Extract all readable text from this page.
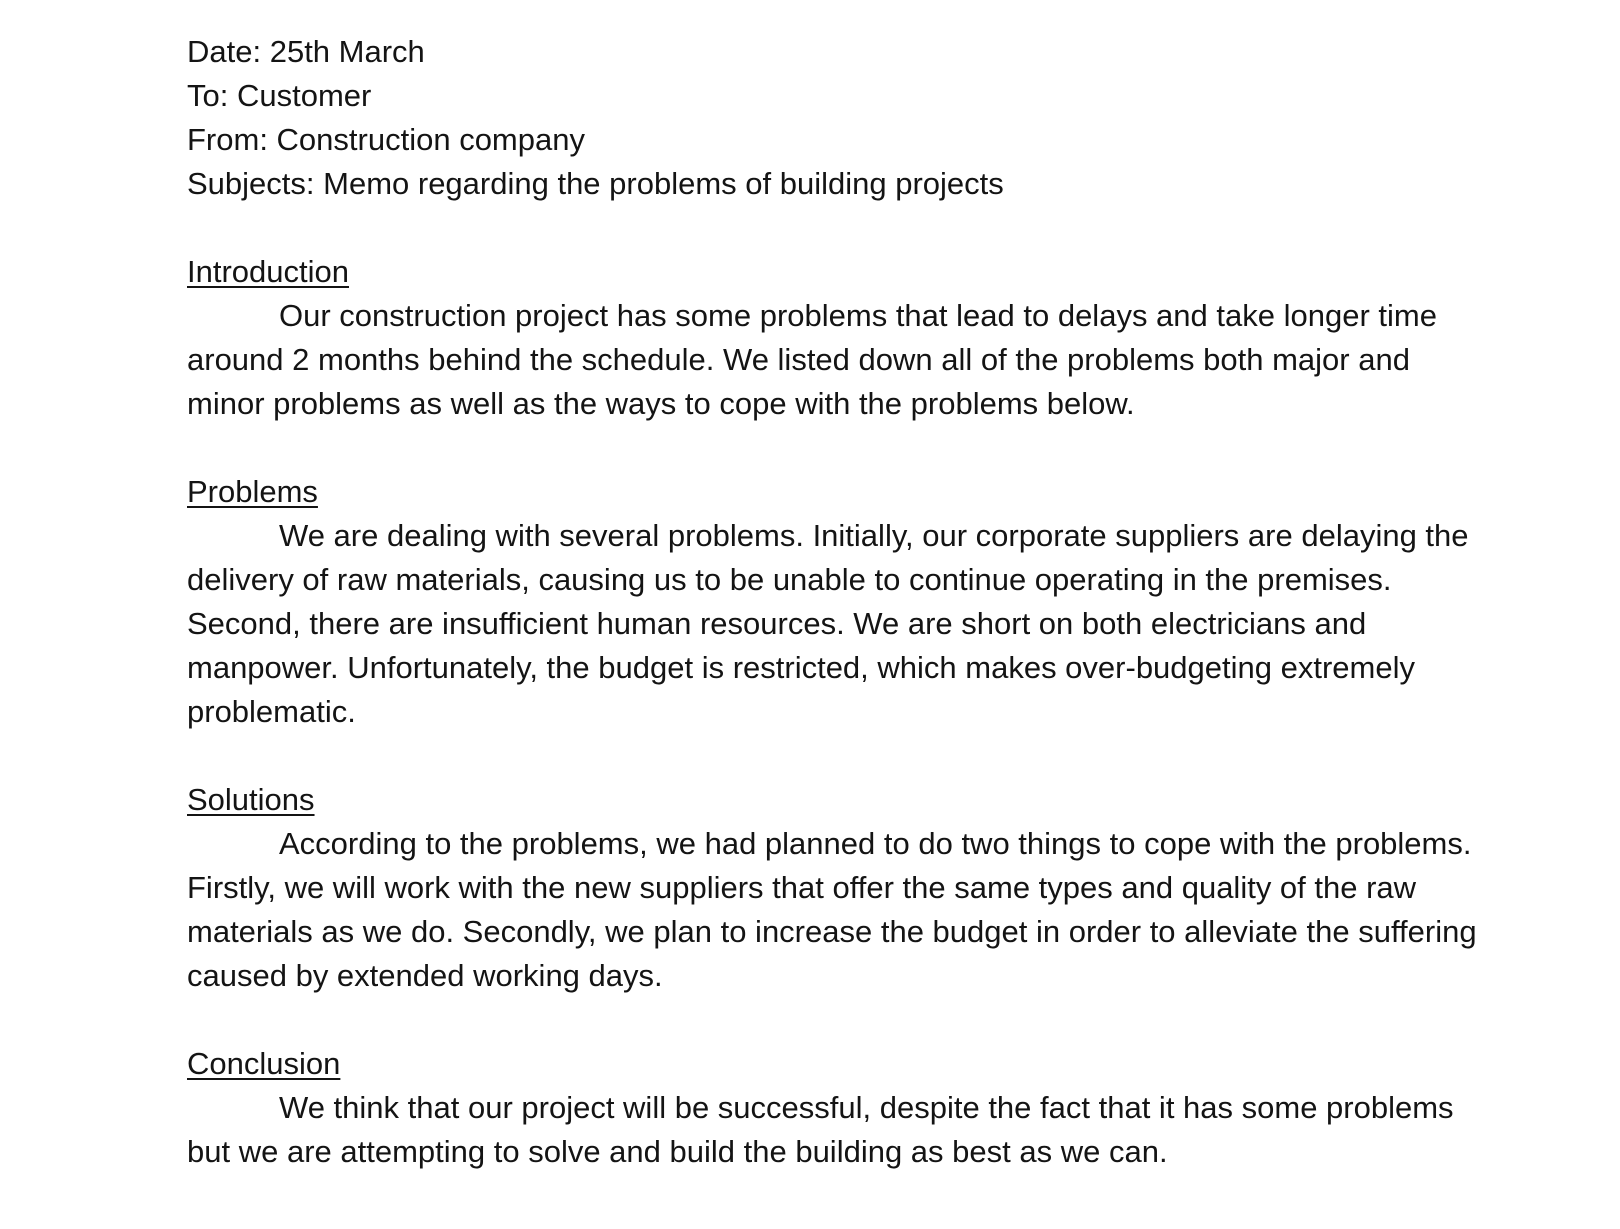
Date: 25th March

To: Customer

From: Construction company

Subjects: Memo regarding the problems of building projects

Introduction

Our construction project has some problems that lead to delays and take longer time around 2 months behind the schedule. We listed down all of the problems both major and minor problems as well as the ways to cope with the problems below.

Problems

We are dealing with several problems. Initially, our corporate suppliers are delaying the delivery of raw materials, causing us to be unable to continue operating in the premises. Second, there are insufficient human resources. We are short on both electricians and manpower. Unfortunately, the budget is restricted, which makes over-budgeting extremely problematic.

Solutions

According to the problems, we had planned to do two things to cope with the problems. Firstly, we will work with the new suppliers that offer the same types and quality of the raw materials as we do. Secondly, we plan to increase the budget in order to alleviate the suffering caused by extended working days.

Conclusion

We think that our project will be successful, despite the fact that it has some problems but we are attempting to solve and build the building as best as we can.
